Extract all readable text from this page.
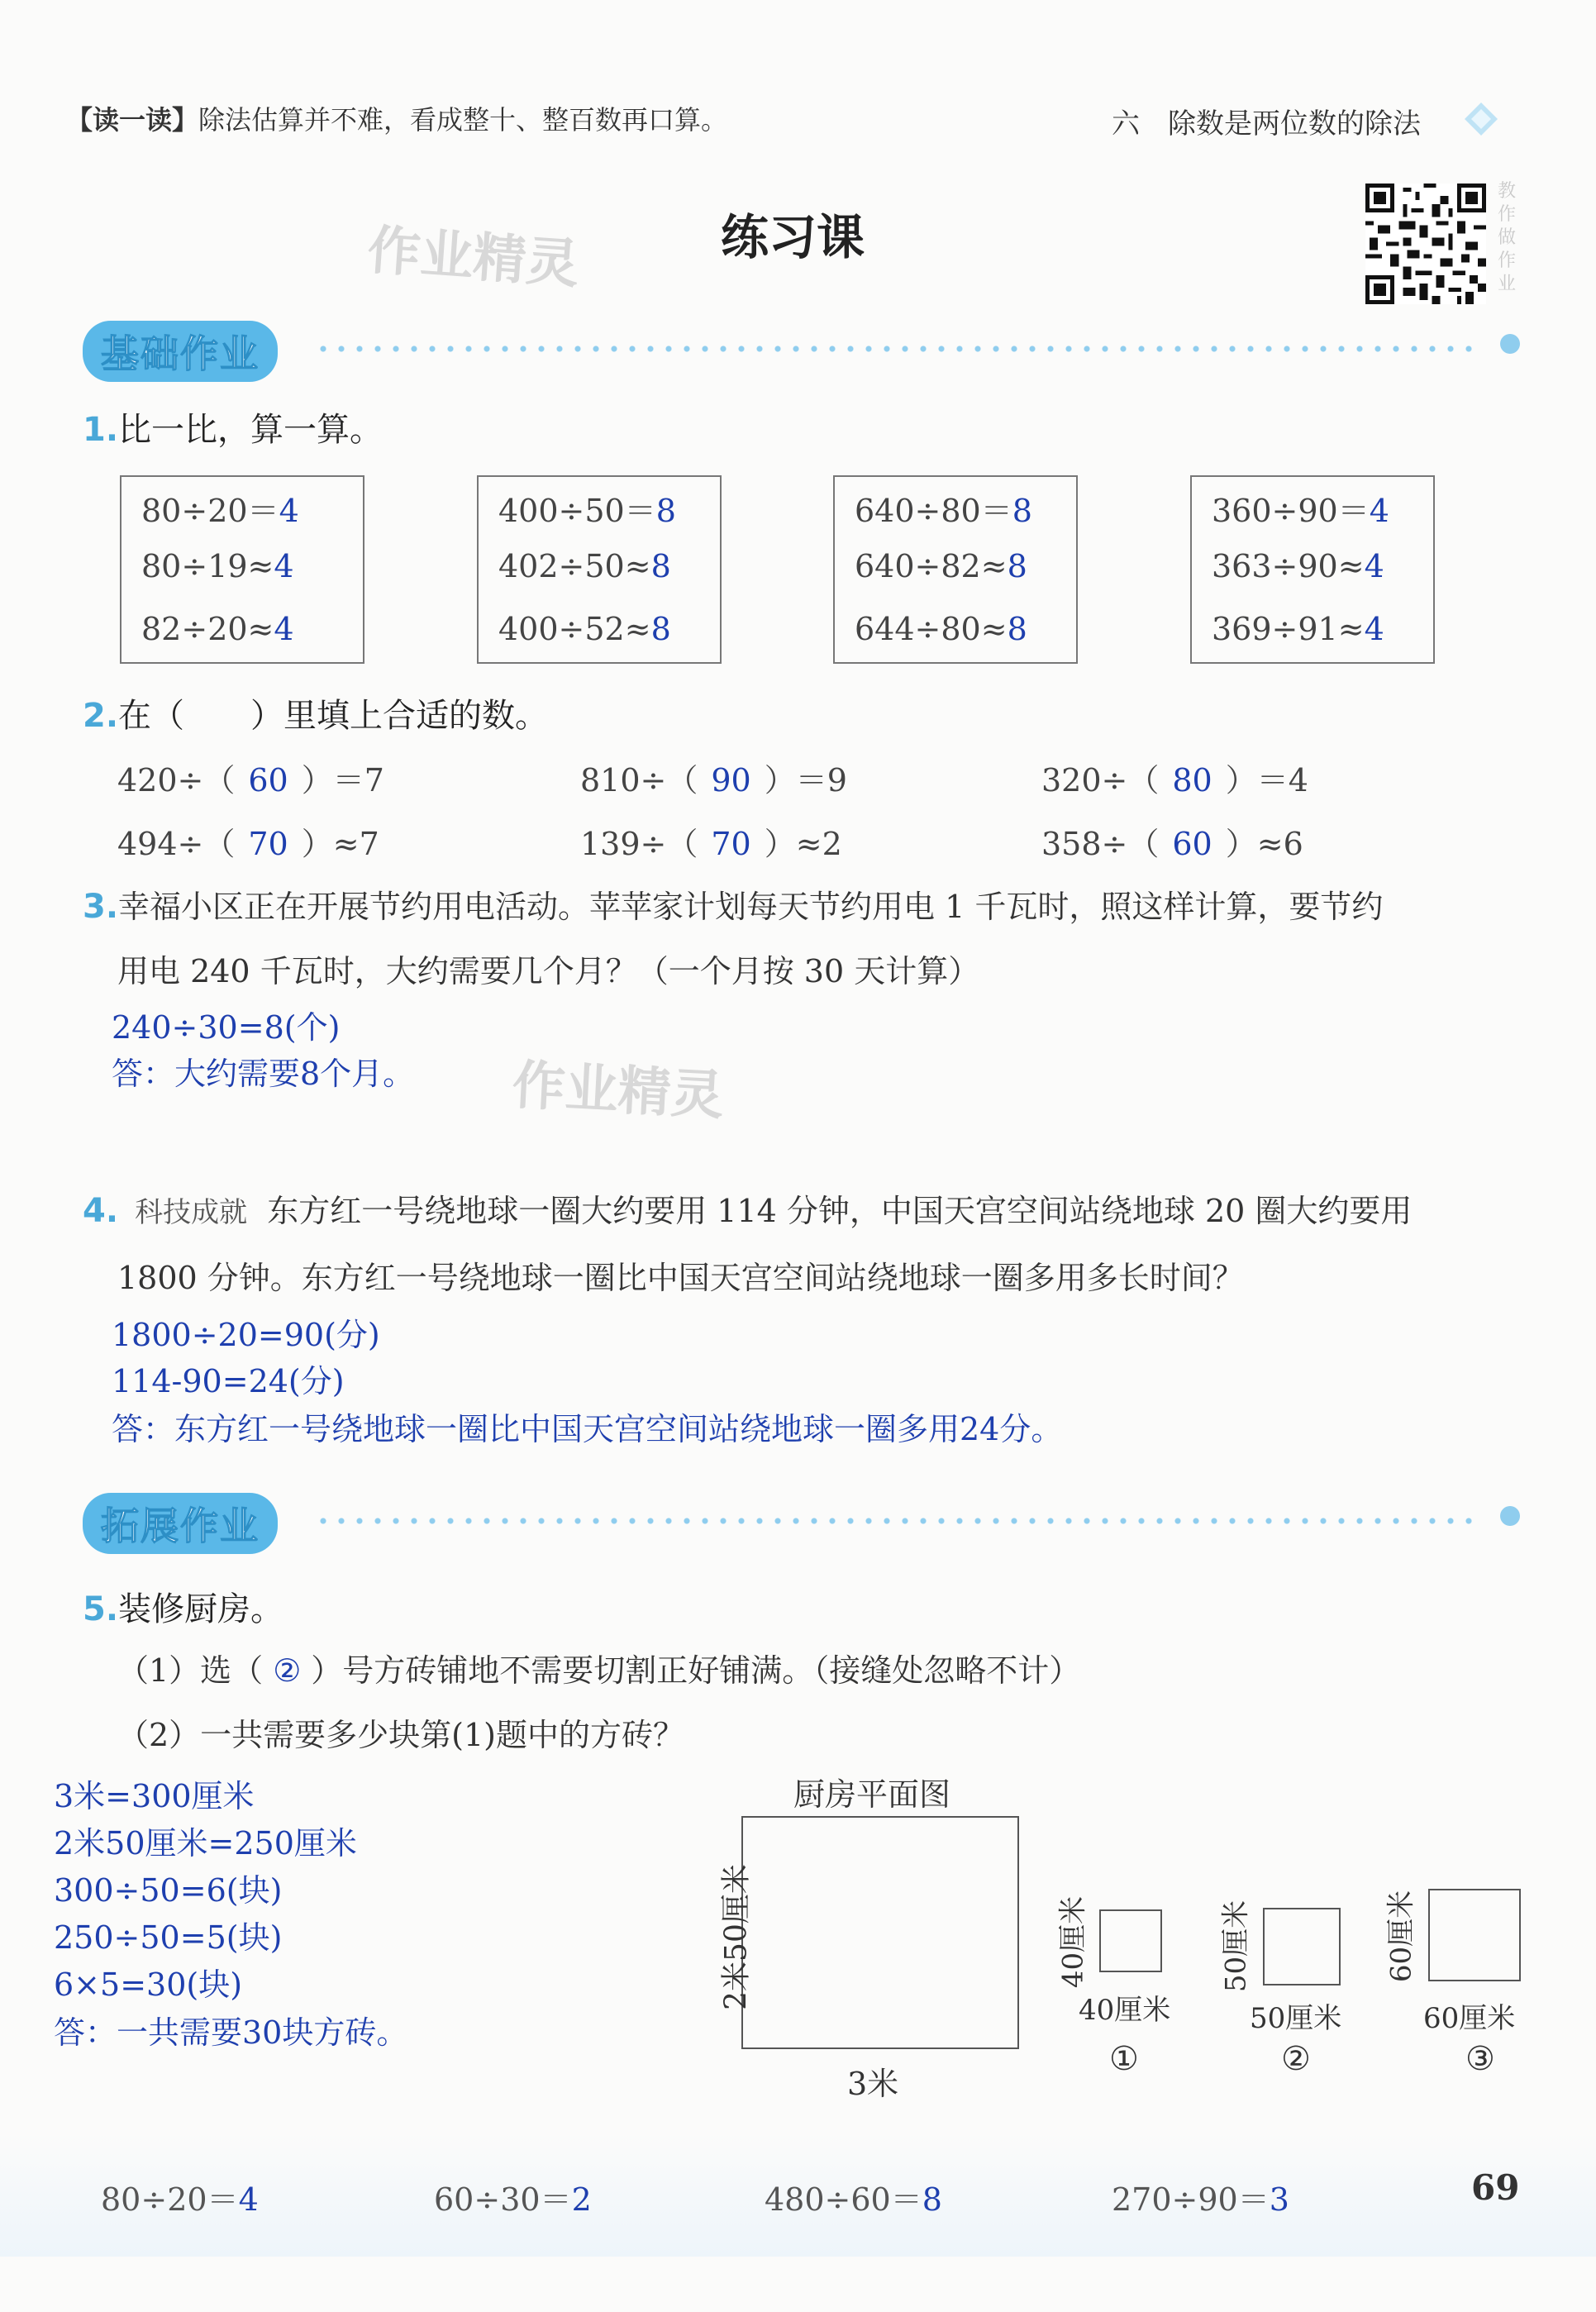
【读一读】除法估算并不难，看成整十、整百数再口算。	六　除数是两位数的除法
作业精灵	练习课
教作做作业
基础作业
1.比一比，算一算。
80÷20＝4
80÷19≈4
82÷20≈4
400÷50＝8
402÷50≈8
400÷52≈8
640÷80＝8
640÷82≈8
644÷80≈8
360÷90＝4
363÷90≈4
369÷91≈4
2.在（　　）里填上合适的数。
420÷（ 60 ）＝7	810÷（ 90 ）＝9	320÷（ 80 ）＝4
494÷（ 70 ）≈7	139÷（ 70 ）≈2	358÷（ 60 ）≈6
3.幸福小区正在开展节约用电活动。苹苹家计划每天节约用电 1 千瓦时，照这样计算，要节约
用电 240 千瓦时，大约需要几个月？（一个月按 30 天计算）
240÷30=8(个)
答：大约需要8个月。 作业精灵
4. 科技成就 东方红一号绕地球一圈大约要用 114 分钟，中国天宫空间站绕地球 20 圈大约要用
1800 分钟。东方红一号绕地球一圈比中国天宫空间站绕地球一圈多用多长时间？
1800÷20=90(分)
114-90=24(分)
答：东方红一号绕地球一圈比中国天宫空间站绕地球一圈多用24分。
拓展作业
5.装修厨房。
（1）选（ ② ）号方砖铺地不需要切割正好铺满。（接缝处忽略不计）
（2）一共需要多少块第(1)题中的方砖？
3米=300厘米
2米50厘米=250厘米
300÷50=6(块)
250÷50=5(块)
6×5=30(块)
答：一共需要30块方砖。
厨房平面图
2米50厘米
3米
40厘米
40厘米
①
50厘米
50厘米
②
60厘米
60厘米
③
80÷20＝4	60÷30＝2	480÷60＝8	270÷90＝3	69
